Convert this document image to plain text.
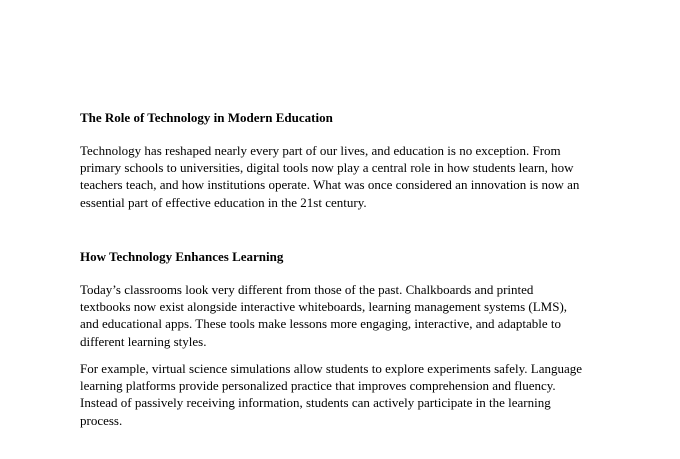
The Role of Technology in Modern Education

Technology has reshaped nearly every part of our lives, and education is no exception. From
primary schools to universities, digital tools now play a central role in how students learn, how
teachers teach, and how institutions operate. What was once considered an innovation is now an
essential part of effective education in the 21st century.

How Technology Enhances Learning

Today’s classrooms look very different from those of the past. Chalkboards and printed
textbooks now exist alongside interactive whiteboards, learning management systems (LMS),
and educational apps. These tools make lessons more engaging, interactive, and adaptable to
different learning styles.

For example, virtual science simulations allow students to explore experiments safely. Language
learning platforms provide personalized practice that improves comprehension and fluency.
Instead of passively receiving information, students can actively participate in the learning
process.
